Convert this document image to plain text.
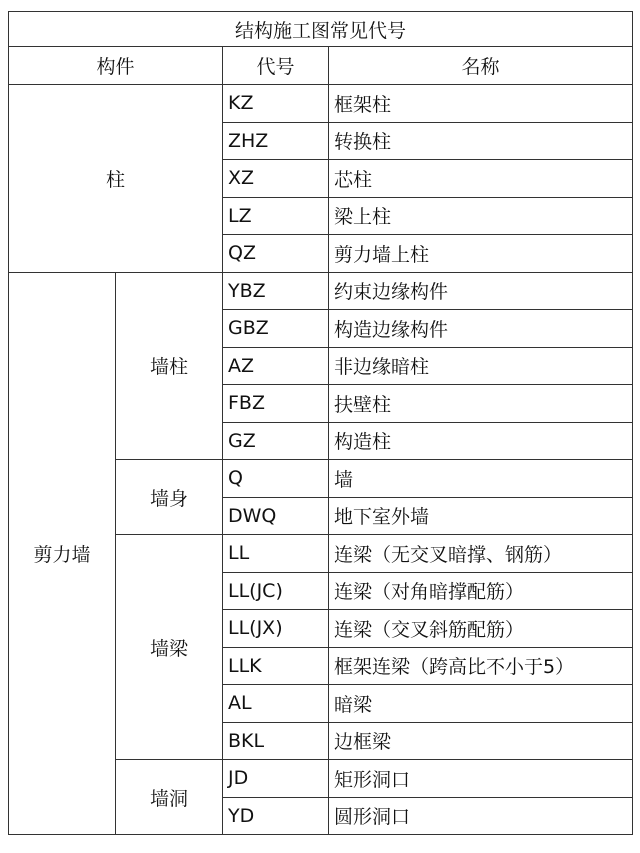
结构施工图常见代号			
构件		代号	名称
柱		KZ	框架柱
		ZHZ	转换柱
		XZ	芯柱
		LZ	梁上柱
		QZ	剪力墙上柱
剪力墙	墙柱	YBZ	约束边缘构件
		GBZ	构造边缘构件
		AZ	非边缘暗柱
		FBZ	扶壁柱
		GZ	构造柱
	墙身	Q	墙
		DWQ	地下室外墙
	墙梁	LL	连梁（无交叉暗撑、钢筋）
		LL(JC)	连梁（对角暗撑配筋）
		LL(JX)	连梁（交叉斜筋配筋）
		LLK	框架连梁（跨高比不小于5）
		AL	暗梁
		BKL	边框梁
	墙洞	JD	矩形洞口
		YD	圆形洞口
